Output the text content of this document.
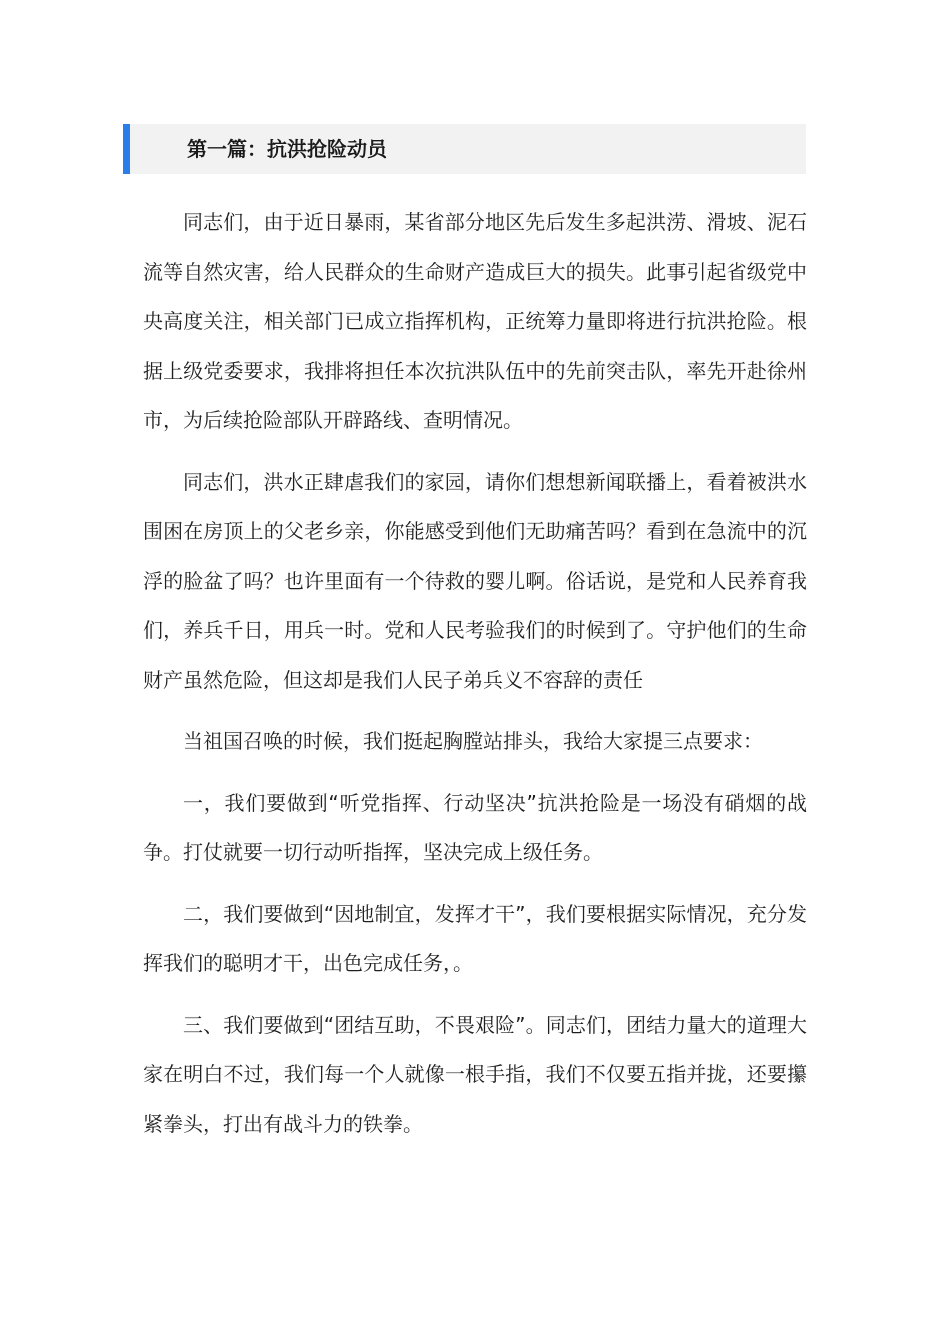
第一篇：抗洪抢险动员

同志们，由于近日暴雨，某省部分地区先后发生多起洪涝、滑坡、泥石流等自然灾害，给人民群众的生命财产造成巨大的损失。此事引起省级党中央高度关注，相关部门已成立指挥机构，正统筹力量即将进行抗洪抢险。根据上级党委要求，我排将担任本次抗洪队伍中的先前突击队，率先开赴徐州市，为后续抢险部队开辟路线、查明情况。

同志们，洪水正肆虐我们的家园，请你们想想新闻联播上，看着被洪水围困在房顶上的父老乡亲，你能感受到他们无助痛苦吗？看到在急流中的沉浮的脸盆了吗？也许里面有一个待救的婴儿啊。俗话说，是党和人民养育我们，养兵千日，用兵一时。党和人民考验我们的时候到了。守护他们的生命财产虽然危险，但这却是我们人民子弟兵义不容辞的责任

当祖国召唤的时候，我们挺起胸膛站排头，我给大家提三点要求：

一，我们要做到“听党指挥、行动坚决”抗洪抢险是一场没有硝烟的战争。打仗就要一切行动听指挥，坚决完成上级任务。

二，我们要做到“因地制宜，发挥才干”，我们要根据实际情况，充分发挥我们的聪明才干，出色完成任务，。

三、我们要做到“团结互助，不畏艰险”。同志们，团结力量大的道理大家在明白不过，我们每一个人就像一根手指，我们不仅要五指并拢，还要攥紧拳头，打出有战斗力的铁拳。
